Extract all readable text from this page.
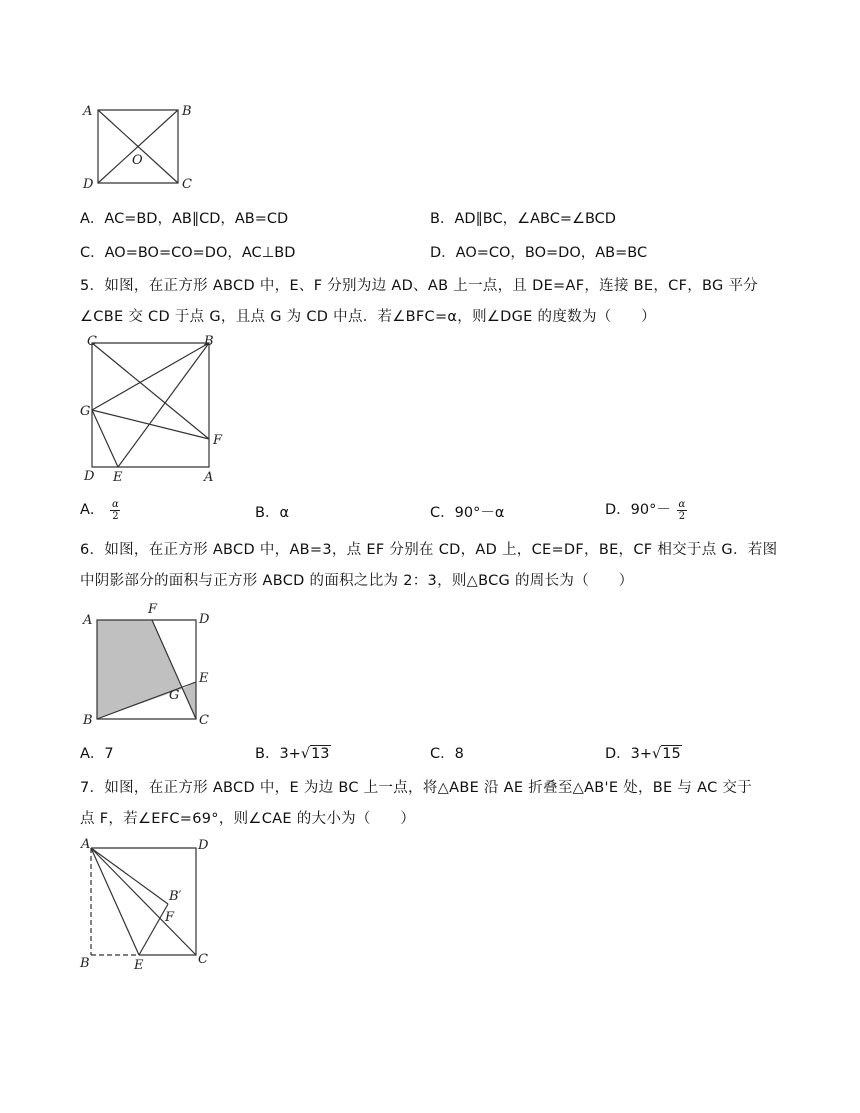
A	B
C
D
O
A．AC=BD，AB∥CD，AB=CD	B．AD∥BC，∠ABC=∠BCD
C．AO=BO=CO=DO，AC⊥BD	D．AO=CO，BO=DO，AB=BC
5．如图，在正方形 ABCD 中，E、F 分别为边 AD、AB 上一点，且 DE=AF，连接 BE，CF，BG 平分
∠CBE 交 CD 于点 G，且点 G 为 CD 中点．若∠BFC=α，则∠DGE 的度数为（　　）
C	B
G
F
D E	A
A． $\frac{\alpha}{2}$	B．α	C．90°－α	D．$90^\circ- \frac{\alpha}{2}$
6．如图，在正方形 ABCD 中，AB=3，点 EF 分别在 CD，AD 上，CE=DF，BE，CF 相交于点 G．若图
中阴影部分的面积与正方形 ABCD 的面积之比为 2：3，则△BCG 的周长为（　　）
A
F
D
E
G
B	C
A．7	B．3+√13	C．8	D．3+√15
7．如图，在正方形 ABCD 中，E 为边 BC 上一点，将△ABE 沿 AE 折叠至△AB'E 处，BE 与 AC 交于
点 F，若∠EFC=69°，则∠CAE 的大小为（　　）
A	D
B′
F
B	E	C
